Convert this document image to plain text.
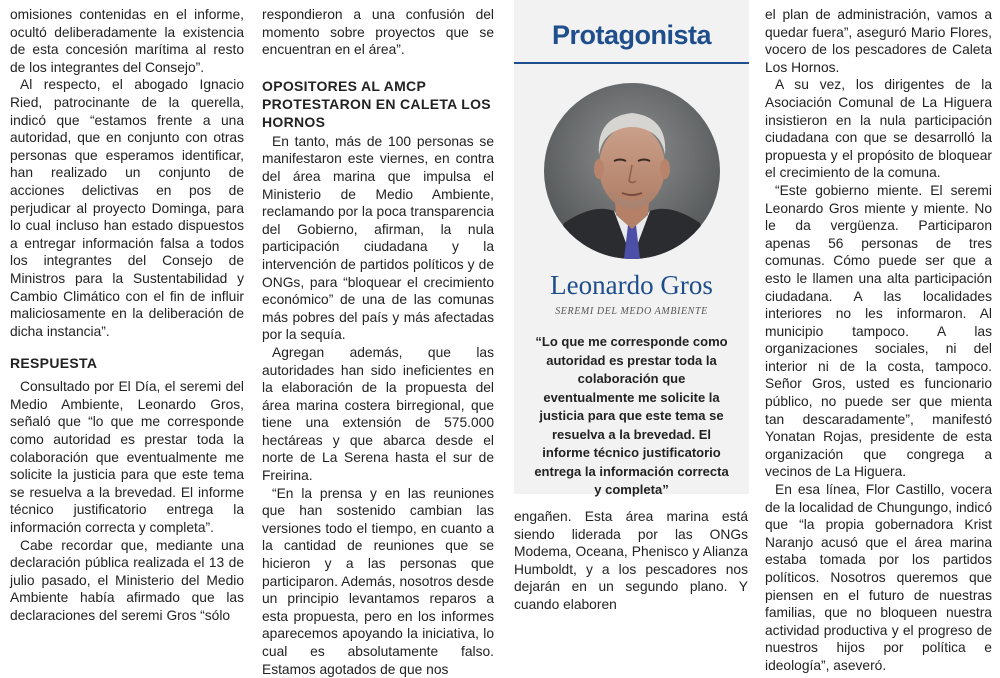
omisiones contenidas en el informe, ocultó deliberadamente la existencia de esta concesión marítima al resto de los integrantes del Consejo”.

Al respecto, el abogado Ignacio Ried, patrocinante de la querella, indicó que “estamos frente a una autoridad, que en conjunto con otras personas que esperamos identificar, han realizado un conjunto de acciones delictivas en pos de perjudicar al proyecto Dominga, para lo cual incluso han estado dispuestos a entregar información falsa a todos los integrantes del Consejo de Ministros para la Sustentabilidad y Cambio Climático con el fin de influir maliciosamente en la deliberación de dicha instancia”.

RESPUESTA

Consultado por El Día, el seremi del Medio Ambiente, Leonardo Gros, señaló que “lo que me corresponde como autoridad es prestar toda la colaboración que eventualmente me solicite la justicia para que este tema se resuelva a la brevedad. El informe técnico justificatorio entrega la información correcta y completa”.

Cabe recordar que, mediante una declaración pública realizada el 13 de julio pasado, el Ministerio del Medio Ambiente había afirmado que las declaraciones del seremi Gros “sólo

respondieron a una confusión del momento sobre proyectos que se encuentran en el área”.

OPOSITORES AL AMCP PROTESTARON EN CALETA LOS HORNOS

En tanto, más de 100 personas se manifestaron este viernes, en contra del área marina que impulsa el Ministerio de Medio Ambiente, reclamando por la poca transparencia del Gobierno, afirman, la nula participación ciudadana y la intervención de partidos políticos y de ONGs, para “bloquear el crecimiento económico” de una de las comunas más pobres del país y más afectadas por la sequía.

Agregan además, que las autoridades han sido ineficientes en la elaboración de la propuesta del área marina costera birregional, que tiene una extensión de 575.000 hectáreas y que abarca desde el norte de La Serena hasta el sur de Freirina.

“En la prensa y en las reuniones que han sostenido cambian las versiones todo el tiempo, en cuanto a la cantidad de reuniones que se hicieron y a las personas que participaron. Además, nosotros desde un principio levantamos reparos a esta propuesta, pero en los informes aparecemos apoyando la iniciativa, lo cual es absolutamente falso. Estamos agotados de que nos

Protagonista
Leonardo Gros
SEREMI DEL MEDO AMBIENTE
“Lo que me corresponde como autoridad es prestar toda la colaboración que eventualmente me solicite la justicia para que este tema se resuelva a la brevedad. El informe técnico justificatorio entrega la información correcta y completa”

engañen. Esta área marina está siendo liderada por las ONGs Modema, Oceana, Phenisco y Alianza Humboldt, y a los pescadores nos dejarán en un segundo plano. Y cuando elaboren

el plan de administración, vamos a quedar fuera”, aseguró Mario Flores, vocero de los pescadores de Caleta Los Hornos.

A su vez, los dirigentes de la Asociación Comunal de La Higuera insistieron en la nula participación ciudadana con que se desarrolló la propuesta y el propósito de bloquear el crecimiento de la comuna.

“Este gobierno miente. El seremi Leonardo Gros miente y miente. No le da vergüenza. Participaron apenas 56 personas de tres comunas. Cómo puede ser que a esto le llamen una alta participación ciudadana. A las localidades interiores no les informaron. Al municipio tampoco. A las organizaciones sociales, ni del interior ni de la costa, tampoco. Señor Gros, usted es funcionario público, no puede ser que mienta tan descaradamente”, manifestó Yonatan Rojas, presidente de esta organización que congrega a vecinos de La Higuera.

En esa línea, Flor Castillo, vocera de la localidad de Chungungo, indicó que “la propia gobernadora Krist Naranjo acusó que el área marina estaba tomada por los partidos políticos. Nosotros queremos que piensen en el futuro de nuestras familias, que no bloqueen nuestra actividad productiva y el progreso de nuestros hijos por política e ideología”, aseveró.
